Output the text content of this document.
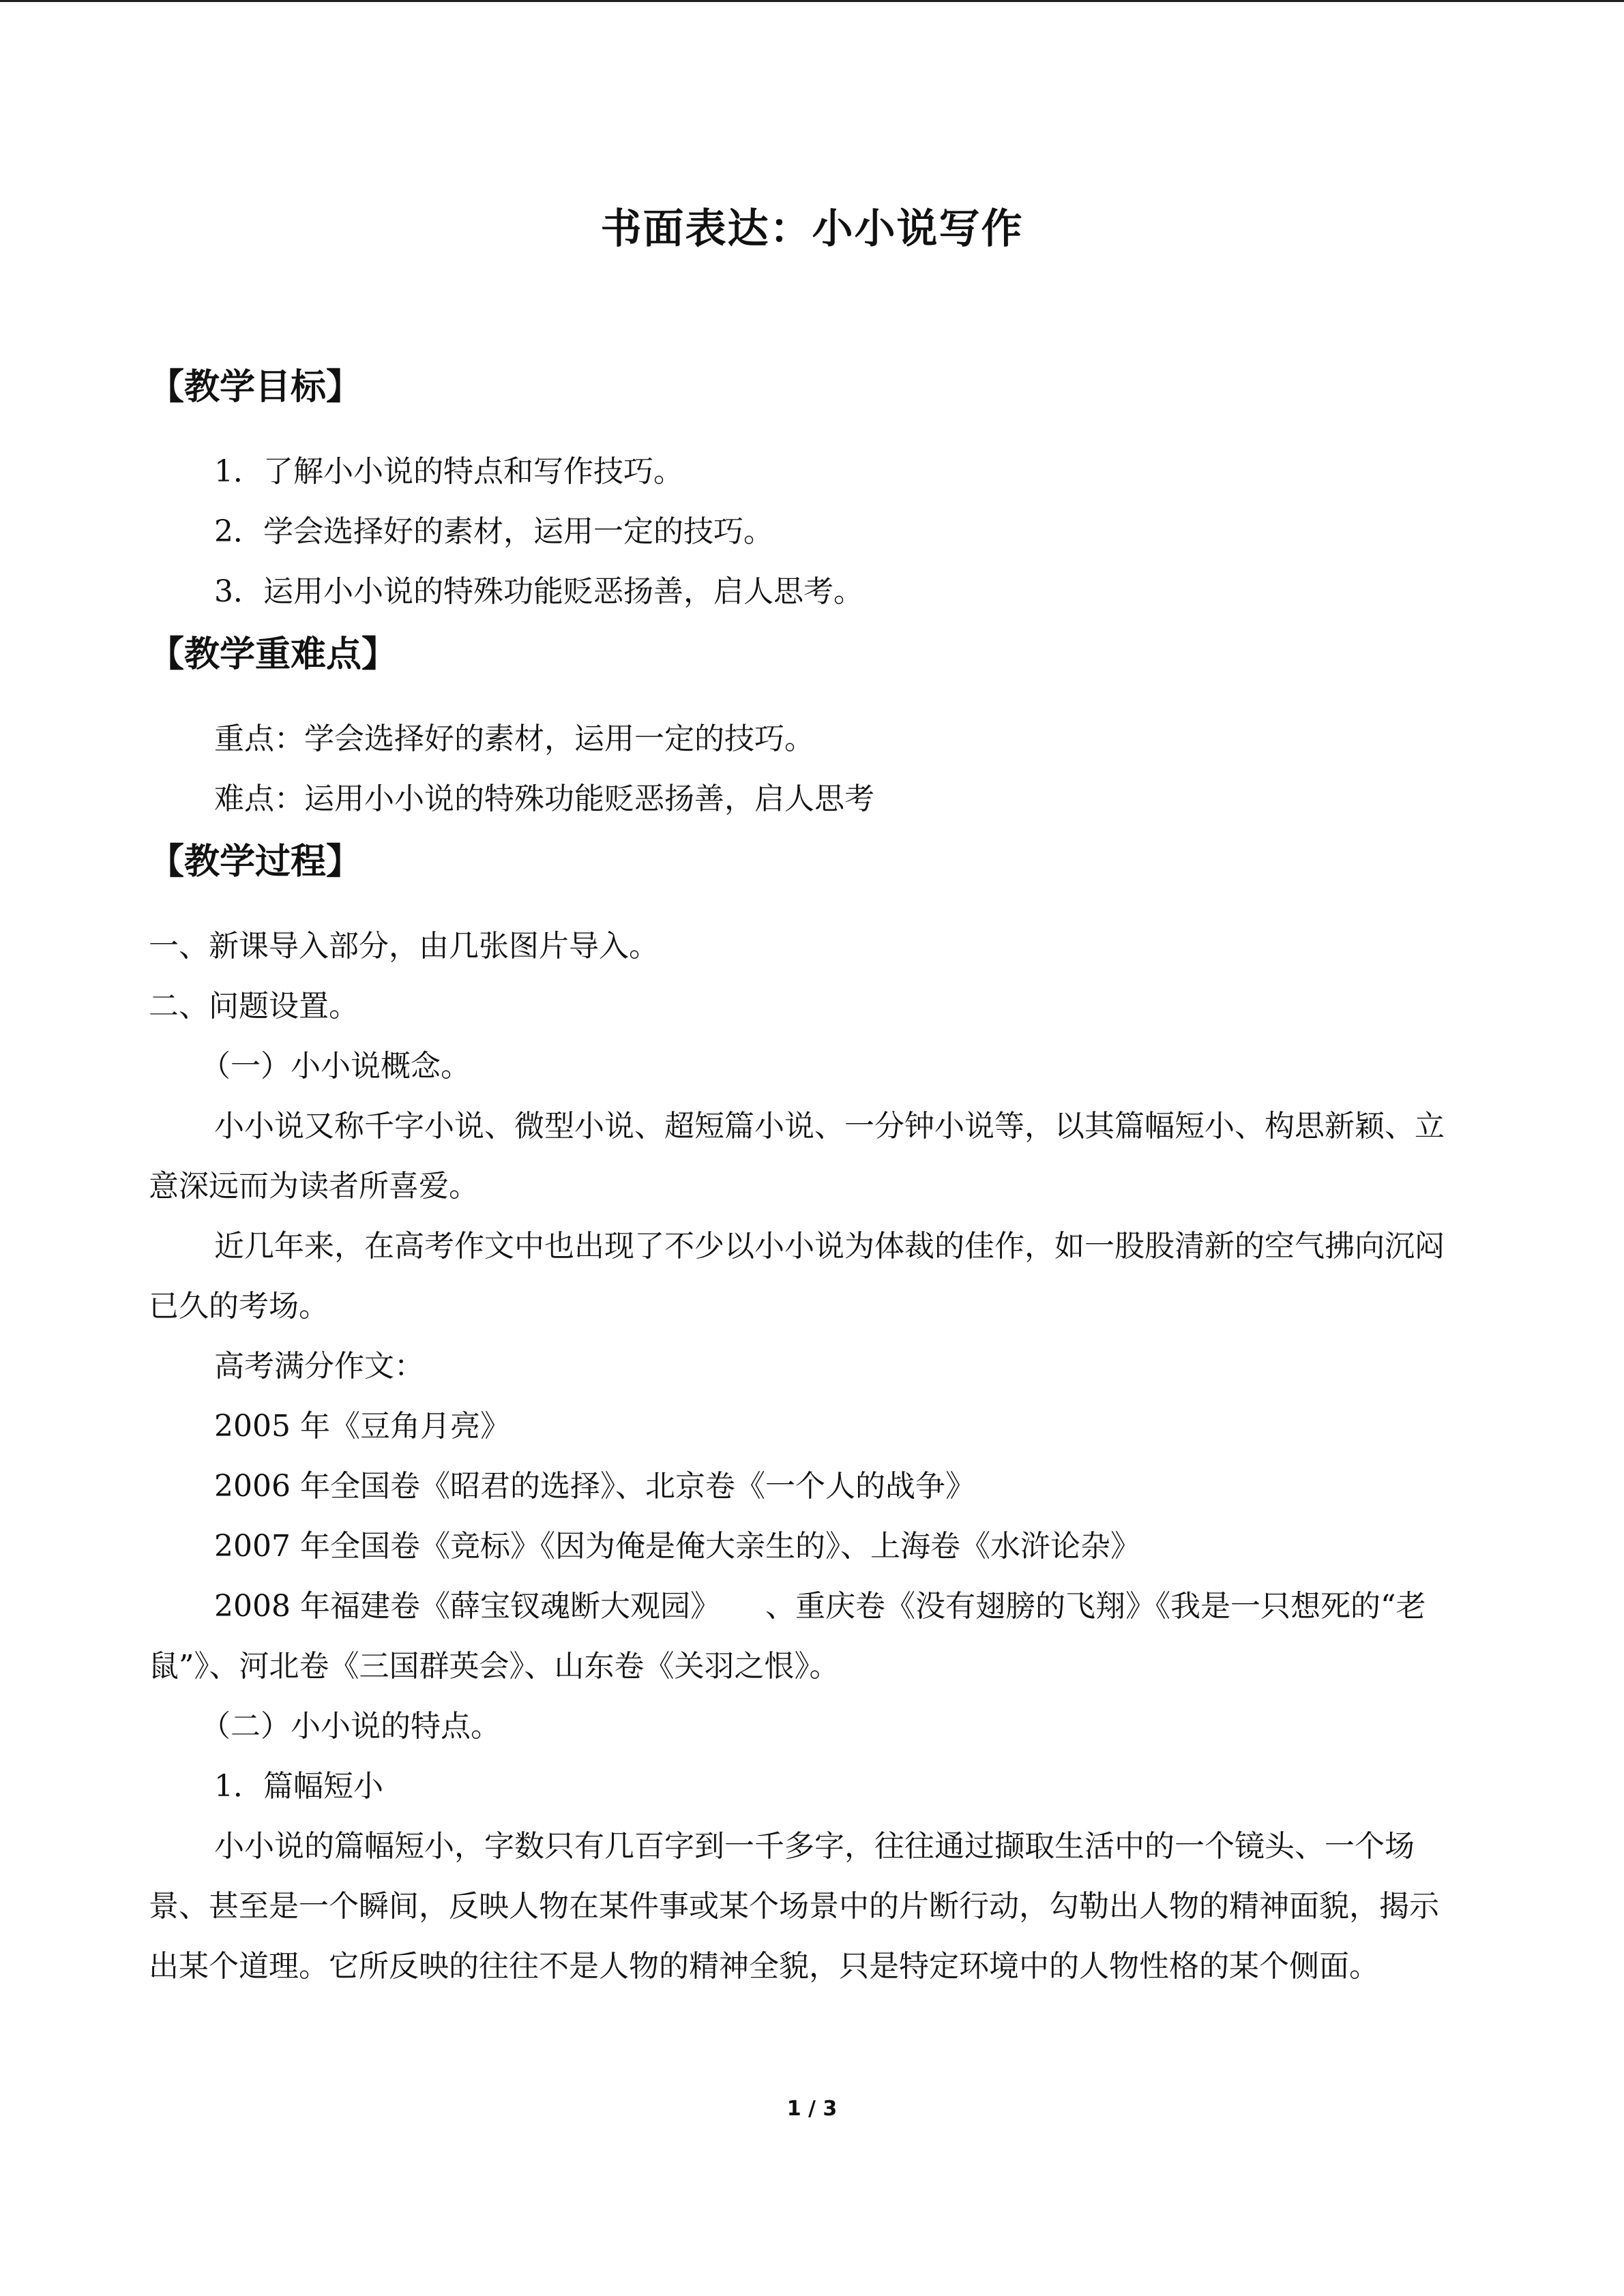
书面表达：小小说写作

【教学目标】

1．了解小小说的特点和写作技巧。

2．学会选择好的素材，运用一定的技巧。

3．运用小小说的特殊功能贬恶扬善，启人思考。

【教学重难点】

重点：学会选择好的素材，运用一定的技巧。

难点：运用小小说的特殊功能贬恶扬善，启人思考

【教学过程】

一、新课导入部分，由几张图片导入。

二、问题设置。

（一）小小说概念。

小小说又称千字小说、微型小说、超短篇小说、一分钟小说等，以其篇幅短小、构思新颖、立意深远而为读者所喜爱。

近几年来，在高考作文中也出现了不少以小小说为体裁的佳作，如一股股清新的空气拂向沉闷已久的考场。

高考满分作文：

2005 年《豆角月亮》

2006 年全国卷《昭君的选择》、北京卷《一个人的战争》

2007 年全国卷《竞标》《因为俺是俺大亲生的》、上海卷《水浒论杂》

2008 年福建卷《薛宝钗魂断大观园》　　、重庆卷《没有翅膀的飞翔》《我是一只想死的“老鼠”》、河北卷《三国群英会》、山东卷《关羽之恨》。

（二）小小说的特点。

1．篇幅短小

小小说的篇幅短小，字数只有几百字到一千多字，往往通过撷取生活中的一个镜头、一个场景、甚至是一个瞬间，反映人物在某件事或某个场景中的片断行动，勾勒出人物的精神面貌，揭示出某个道理。它所反映的往往不是人物的精神全貌，只是特定环境中的人物性格的某个侧面。

1 / 3
